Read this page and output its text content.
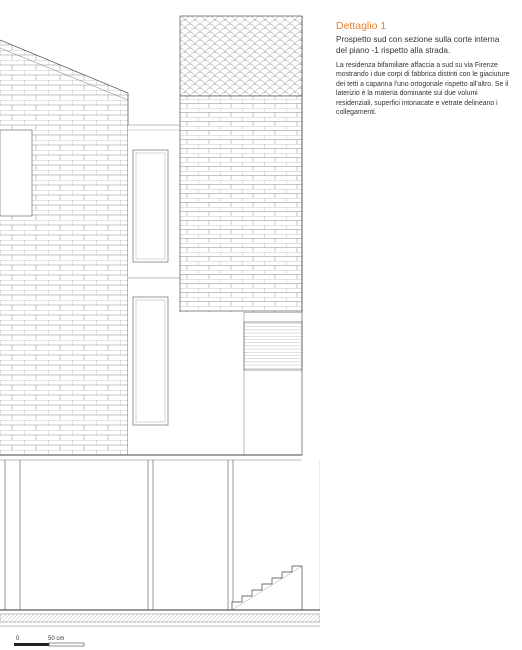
0	50 cm

Dettaglio 1

Prospetto sud con sezione sulla corte interna del piano -1 rispetto alla strada.

La residenza bifamiliare affaccia a sud su via Firenze mostrando i due corpi di fabbrica distinti con le giaciuture dei tetti a capanna l'uno ortogonale rispetto all'altro. Se il laterizio è la materia dominante sui due volumi residenziali, superfici intonacate e vetrate delineano i collegamenti.
